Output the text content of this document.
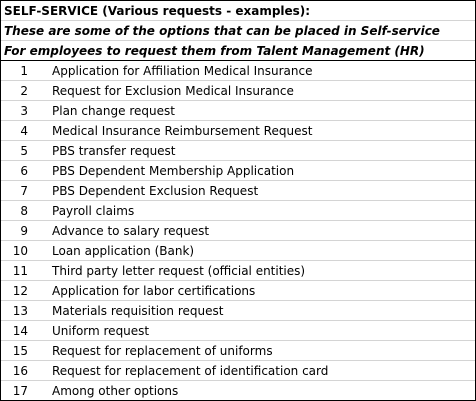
SELF-SERVICE (Various requests - examples):
These are some of the options that can be placed in Self-service
For employees to request them from Talent Management (HR)
1	Application for Affiliation Medical Insurance
2	Request for Exclusion Medical Insurance
3	Plan change request
4	Medical Insurance Reimbursement Request
5	PBS transfer request
6	PBS Dependent Membership Application
7	PBS Dependent Exclusion Request
8	Payroll claims
9	Advance to salary request
10	Loan application (Bank)
11	Third party letter request (official entities)
12	Application for labor certifications
13	Materials requisition request
14	Uniform request
15	Request for replacement of uniforms
16	Request for replacement of identification card
17	Among other options
